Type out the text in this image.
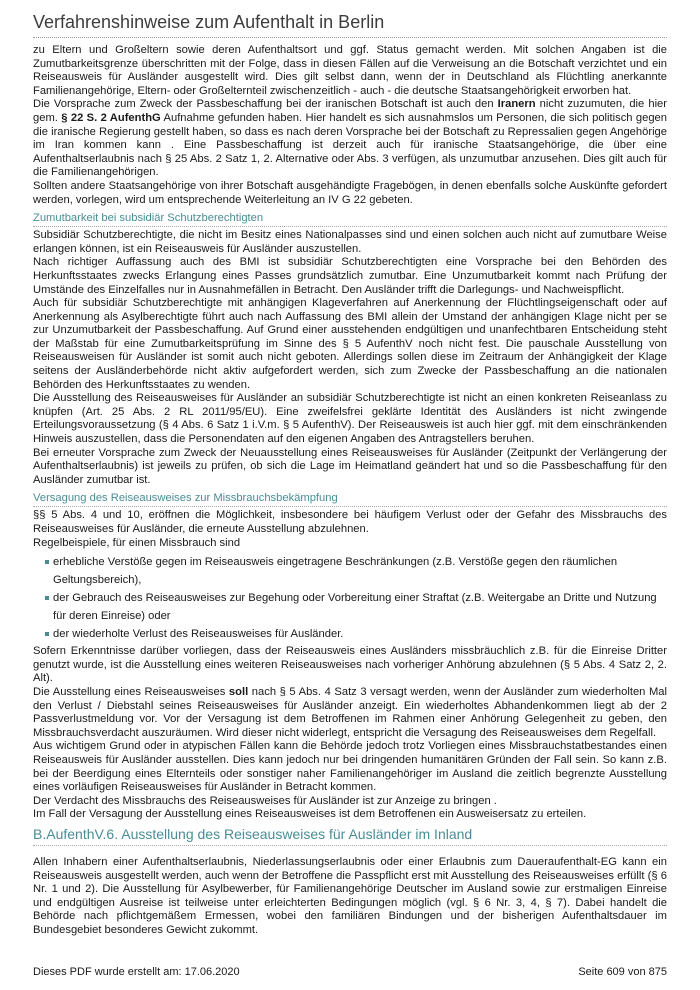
Verfahrenshinweise zum Aufenthalt in Berlin

zu Eltern und Großeltern sowie deren Aufenthaltsort und ggf. Status gemacht werden. Mit solchen Angaben ist die Zumutbarkeitsgrenze überschritten mit der Folge, dass in diesen Fällen auf die Verweisung an die Botschaft verzichtet und ein Reiseausweis für Ausländer ausgestellt wird. Dies gilt selbst dann, wenn der in Deutschland als Flüchtling anerkannte Familienangehörige, Eltern- oder Großelternteil zwischenzeitlich - auch - die deutsche Staatsangehörigkeit erworben hat.

Die Vorsprache zum Zweck der Passbeschaffung bei der iranischen Botschaft ist auch den Iranern nicht zuzumuten, die hier gem. § 22 S. 2 AufenthG Aufnahme gefunden haben. Hier handelt es sich ausnahmslos um Personen, die sich politisch gegen die iranische Regierung gestellt haben, so dass es nach deren Vorsprache bei der Botschaft zu Repressalien gegen Angehörige im Iran kommen kann . Eine Passbeschaffung ist derzeit auch für iranische Staatsangehörige, die über eine Aufenthaltserlaubnis nach § 25 Abs. 2 Satz 1, 2. Alternative oder Abs. 3 verfügen, als unzumutbar anzusehen. Dies gilt auch für die Familienangehörigen.

Sollten andere Staatsangehörige von ihrer Botschaft ausgehändigte Fragebögen, in denen ebenfalls solche Auskünfte gefordert werden, vorlegen, wird um entsprechende Weiterleitung an IV G 22 gebeten.

Zumutbarkeit bei subsidiär Schutzberechtigten

Subsidiär Schutzberechtigte, die nicht im Besitz eines Nationalpasses sind und einen solchen auch nicht auf zumutbare Weise erlangen können, ist ein Reiseausweis für Ausländer auszustellen.

Nach richtiger Auffassung auch des BMI ist subsidiär Schutzberechtigten eine Vorsprache bei den Behörden des Herkunftsstaates zwecks Erlangung eines Passes grundsätzlich zumutbar. Eine Unzumutbarkeit kommt nach Prüfung der Umstände des Einzelfalles nur in Ausnahmefällen in Betracht. Den Ausländer trifft die Darlegungs- und Nachweispflicht.

Auch für subsidiär Schutzberechtigte mit anhängigen Klageverfahren auf Anerkennung der Flüchtlingseigenschaft oder auf Anerkennung als Asylberechtigte führt auch nach Auffassung des BMI allein der Umstand der anhängigen Klage nicht per se zur Unzumutbarkeit der Passbeschaffung. Auf Grund einer ausstehenden endgültigen und unanfechtbaren Entscheidung steht der Maßstab für eine Zumutbarkeitsprüfung im Sinne des § 5 AufenthV noch nicht fest. Die pauschale Ausstellung von Reiseausweisen für Ausländer ist somit auch nicht geboten. Allerdings sollen diese im Zeitraum der Anhängigkeit der Klage seitens der Ausländerbehörde nicht aktiv aufgefordert werden, sich zum Zwecke der Passbeschaffung an die nationalen Behörden des Herkunftsstaates zu wenden.

Die Ausstellung des Reiseausweises für Ausländer an subsidiär Schutzberechtigte ist nicht an einen konkreten Reiseanlass zu knüpfen (Art. 25 Abs. 2 RL 2011/95/EU). Eine zweifelsfrei geklärte Identität des Ausländers ist nicht zwingende Erteilungsvoraussetzung (§ 4 Abs. 6 Satz 1 i.V.m. § 5 AufenthV). Der Reiseausweis ist auch hier ggf. mit dem einschränkenden Hinweis auszustellen, dass die Personendaten auf den eigenen Angaben des Antragstellers beruhen.

Bei erneuter Vorsprache zum Zweck der Neuausstellung eines Reiseausweises für Ausländer (Zeitpunkt der Verlängerung der Aufenthaltserlaubnis) ist jeweils zu prüfen, ob sich die Lage im Heimatland geändert hat und so die Passbeschaffung für den Ausländer zumutbar ist.

Versagung des Reiseausweises zur Missbrauchsbekämpfung

§§ 5 Abs. 4 und 10, eröffnen die Möglichkeit, insbesondere bei häufigem Verlust oder der Gefahr des Missbrauchs des Reiseausweises für Ausländer, die erneute Ausstellung abzulehnen.

Regelbeispiele, für einen Missbrauch sind

erhebliche Verstöße gegen im Reiseausweis eingetragene Beschränkungen (z.B. Verstöße gegen den räumlichen Geltungsbereich),
der Gebrauch des Reiseausweises zur Begehung oder Vorbereitung einer Straftat (z.B. Weitergabe an Dritte und Nutzung für deren Einreise) oder
der wiederholte Verlust des Reiseausweises für Ausländer.

Sofern Erkenntnisse darüber vorliegen, dass der Reiseausweis eines Ausländers missbräuchlich z.B. für die Einreise Dritter genutzt wurde, ist die Ausstellung eines weiteren Reiseausweises nach vorheriger Anhörung abzulehnen (§ 5 Abs. 4 Satz 2, 2. Alt).

Die Ausstellung eines Reiseausweises soll nach § 5 Abs. 4 Satz 3 versagt werden, wenn der Ausländer zum wiederholten Mal den Verlust / Diebstahl seines Reiseausweises für Ausländer anzeigt. Ein wiederholtes Abhandenkommen liegt ab der 2 Passverlustmeldung vor. Vor der Versagung ist dem Betroffenen im Rahmen einer Anhörung Gelegenheit zu geben, den Missbrauchsverdacht auszuräumen. Wird dieser nicht widerlegt, entspricht die Versagung des Reiseausweises dem Regelfall.

Aus wichtigem Grund oder in atypischen Fällen kann die Behörde jedoch trotz Vorliegen eines Missbrauchstatbestandes einen Reiseausweis für Ausländer ausstellen. Dies kann jedoch nur bei dringenden humanitären Gründen der Fall sein. So kann z.B. bei der Beerdigung eines Elternteils oder sonstiger naher Familienangehöriger im Ausland die zeitlich begrenzte Ausstellung eines vorläufigen Reiseausweises für Ausländer in Betracht kommen.

Der Verdacht des Missbrauchs des Reiseausweises für Ausländer ist zur Anzeige zu bringen .

Im Fall der Versagung der Ausstellung eines Reiseausweises ist dem Betroffenen ein Ausweisersatz zu erteilen.

B.AufenthV.6. Ausstellung des Reiseausweises für Ausländer im Inland

Allen Inhabern einer Aufenthaltserlaubnis, Niederlassungserlaubnis oder einer Erlaubnis zum Daueraufenthalt-EG kann ein Reiseausweis ausgestellt werden, auch wenn der Betroffene die Passpflicht erst mit Ausstellung des Reiseausweises erfüllt (§ 6 Nr. 1 und 2). Die Ausstellung für Asylbewerber, für Familienangehörige Deutscher im Ausland sowie zur erstmaligen Einreise und endgültigen Ausreise ist teilweise unter erleichterten Bedingungen möglich (vgl. § 6 Nr. 3, 4, § 7). Dabei handelt die Behörde nach pflichtgemäßem Ermessen, wobei den familiären Bindungen und der bisherigen Aufenthaltsdauer im Bundesgebiet besonderes Gewicht zukommt.

Dieses PDF wurde erstellt am: 17.06.2020	Seite 609 von 875
